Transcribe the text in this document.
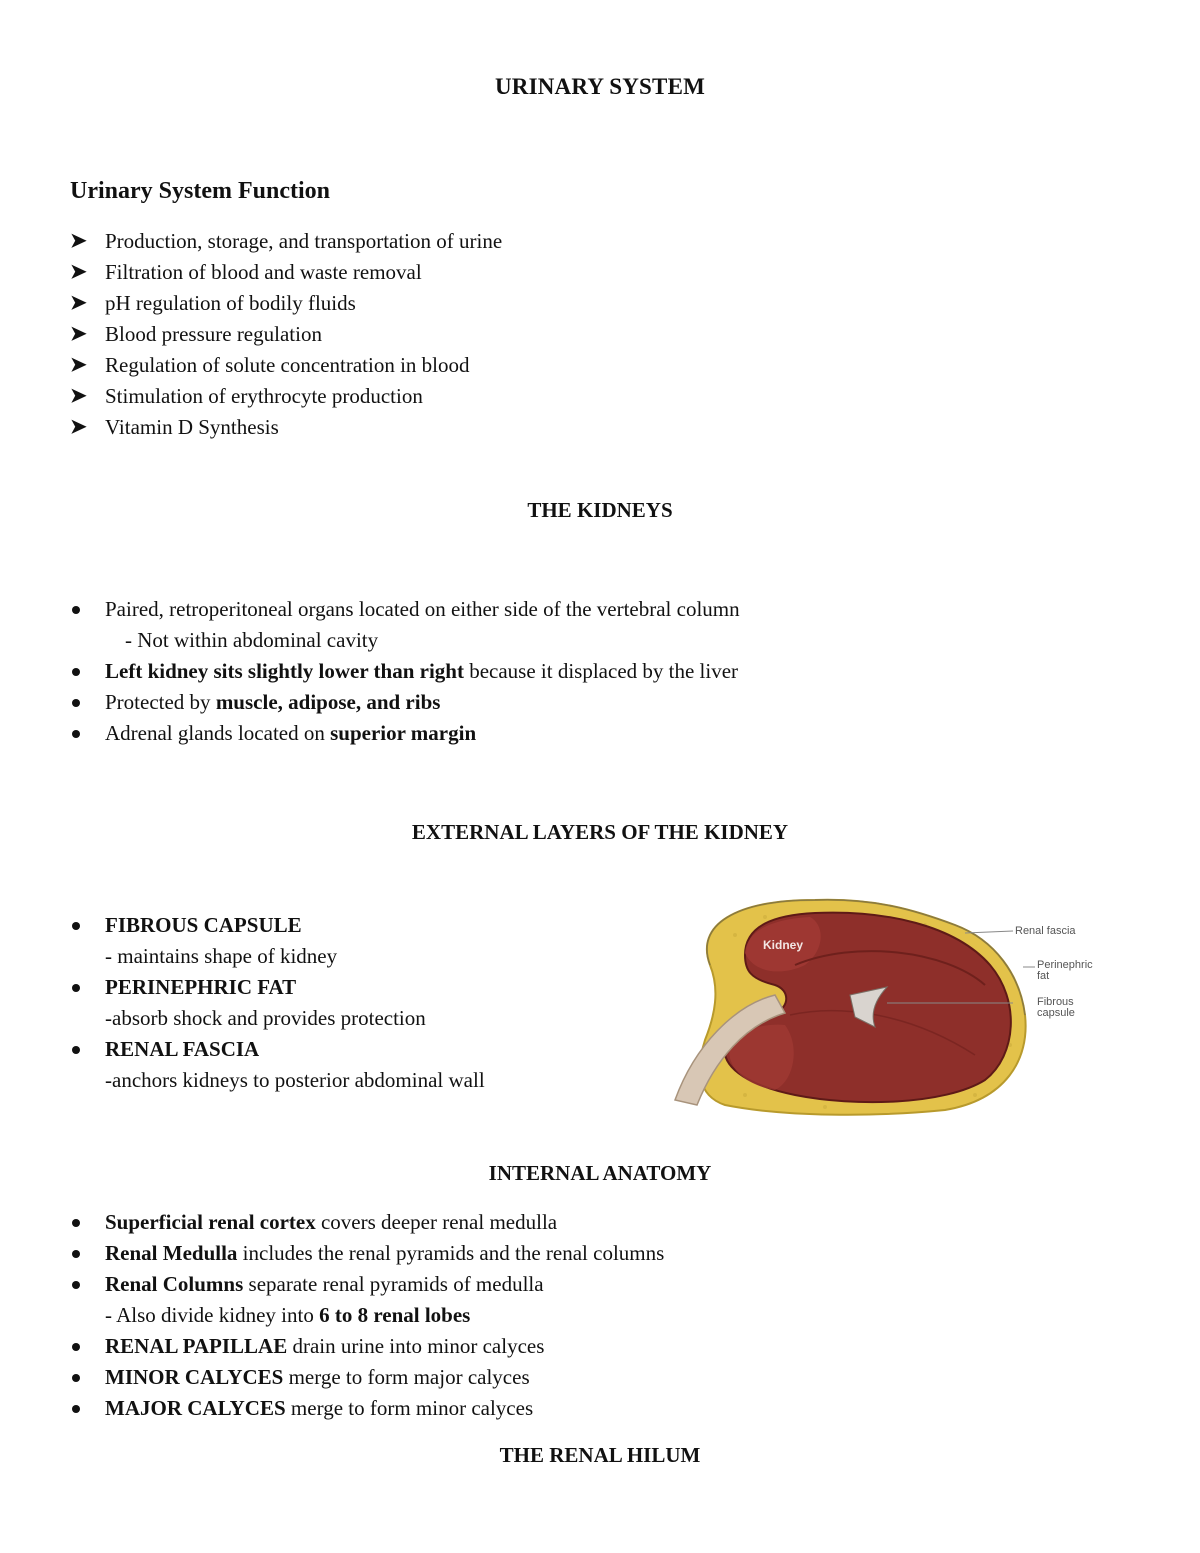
URINARY SYSTEM
Urinary System Function
➤ Production, storage, and transportation of urine
➤ Filtration of blood and waste removal
➤ pH regulation of bodily fluids
➤ Blood pressure regulation
➤ Regulation of solute concentration in blood
➤ Stimulation of erythrocyte production
➤ Vitamin D Synthesis
THE KIDNEYS
Paired, retroperitoneal organs located on either side of the vertebral column
- Not within abdominal cavity
Left kidney sits slightly lower than right because it displaced by the liver
Protected by muscle, adipose, and ribs
Adrenal glands located on superior margin
EXTERNAL LAYERS OF THE KIDNEY
FIBROUS CAPSULE
- maintains shape of kidney
PERINEPHRIC FAT
-absorb shock and provides protection
RENAL FASCIA
-anchors kidneys to posterior abdominal wall
Kidney
Renal fascia
Perinephric
fat
Fibrous
capsule
INTERNAL ANATOMY
Superficial renal cortex covers deeper renal medulla
Renal Medulla includes the renal pyramids and the renal columns
Renal Columns separate renal pyramids of medulla
- Also divide kidney into 6 to 8 renal lobes
RENAL PAPILLAE drain urine into minor calyces
MINOR CALYCES merge to form major calyces
MAJOR CALYCES merge to form minor calyces
THE RENAL HILUM
